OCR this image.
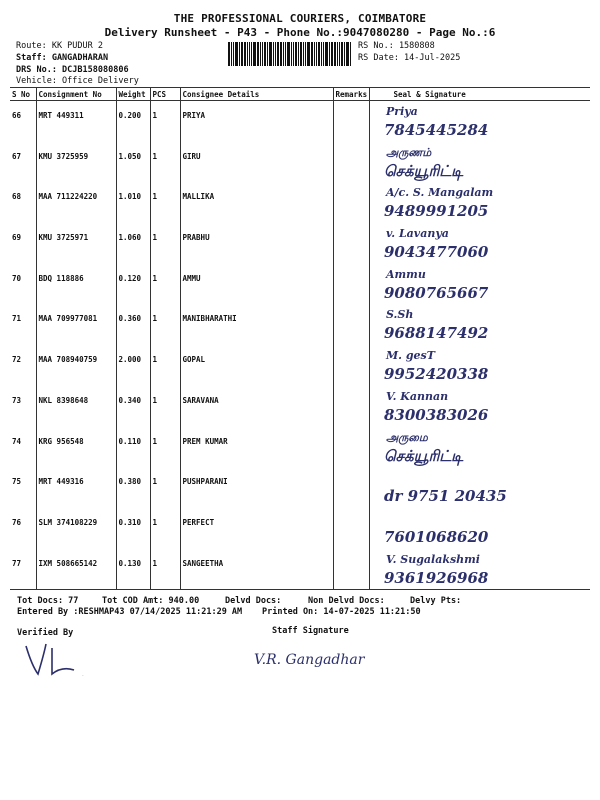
THE PROFESSIONAL COURIERS, COIMBATORE
Delivery Runsheet - P43 - Phone No.:9047080280 - Page No.:6
Route: KK PUDUR 2
Staff: GANGADHARAN
DRS No.: DCJB158080806
Vehicle: Office Delivery
RS No.: 1580808
RS Date: 14-Jul-2025
S No	Consignment No	Weight	PCS	Consignee Details	Remarks	Seal & Signature
66	MRT 449311	0.200	1	PRIYA		Priya
7845445284

67	KMU 3725959	1.050	1	GIRU		அருணம்
செக்யூரிட்டி

68	MAA 711224220	1.010	1	MALLIKA		A/c. S. Mangalam
9489991205

69	KMU 3725971	1.060	1	PRABHU		v. Lavanya
9043477060

70	BDQ 118886	0.120	1	AMMU		Ammu
9080765667

71	MAA 709977081	0.360	1	MANIBHARATHI		S.Sh
9688147492

72	MAA 708940759	2.000	1	GOPAL		M. gesT
9952420338

73	NKL 8398648	0.340	1	SARAVANA		V. Kannan
8300383026

74	KRG 956548	0.110	1	PREM KUMAR		அருமை
செக்யூரிட்டி

75	MRT 449316	0.380	1	PUSHPARANI		dr 9751 20435

76	SLM 374108229	0.310	1	PERFECT		7601068620

77	IXM 508665142	0.130	1	SANGEETHA		V. Sugalakshmi
9361926968
Tot Docs: 77	Tot COD Amt: 940.00	Delvd Docs:	Non Delvd Docs:	Delvy Pts:
Entered By :RESHMAP43 07/14/2025 11:21:29 AM Printed On: 14-07-2025 11:21:50
Verified By	Staff Signature
VR
V.R. Gangadhar
